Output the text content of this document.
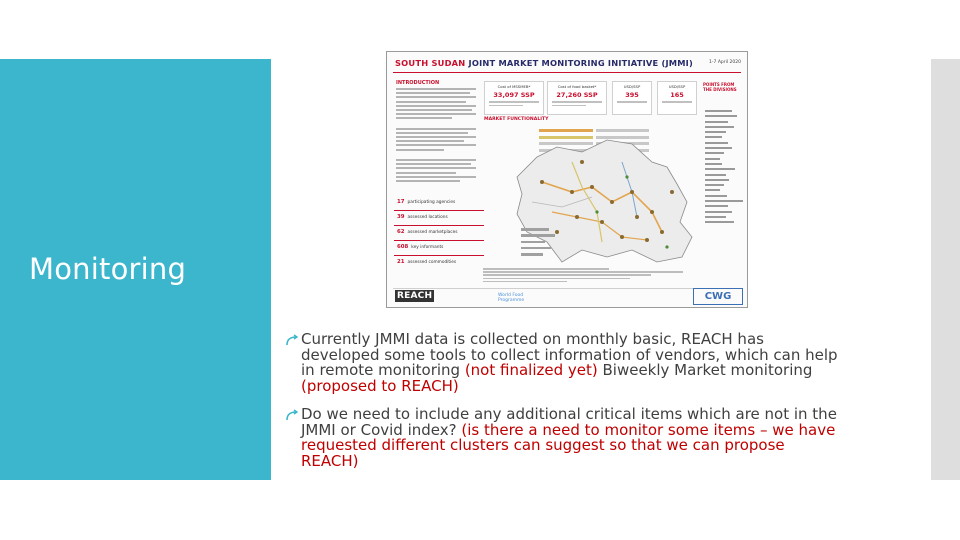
Monitoring
SOUTH SUDAN JOINT MARKET MONITORING INITIATIVE (JMMI)	1-7 April 2020
INTRODUCTION
Cost of MSSMEB*
33,097 SSP
Cost of food basket*
27,260 SSP
USD/SSP
395
USD/SSP
165
POINTS FROM THE DIVISIONS
MARKET FUNCTIONALITY
17 participating agencies
39 assessed locations
62 assessed marketplaces
608 key informants
21 assessed commodities
REACH	World Food Programme	CWG
Currently JMMI data is collected on monthly basic, REACH has developed some tools to collect information of vendors, which can help in remote monitoring (not finalized yet) Biweekly Market monitoring (proposed to REACH)
Do we need to include any additional critical items which are not in the JMMI or Covid index? (is there a need to monitor some items – we have requested different clusters can suggest so that we can propose REACH)
